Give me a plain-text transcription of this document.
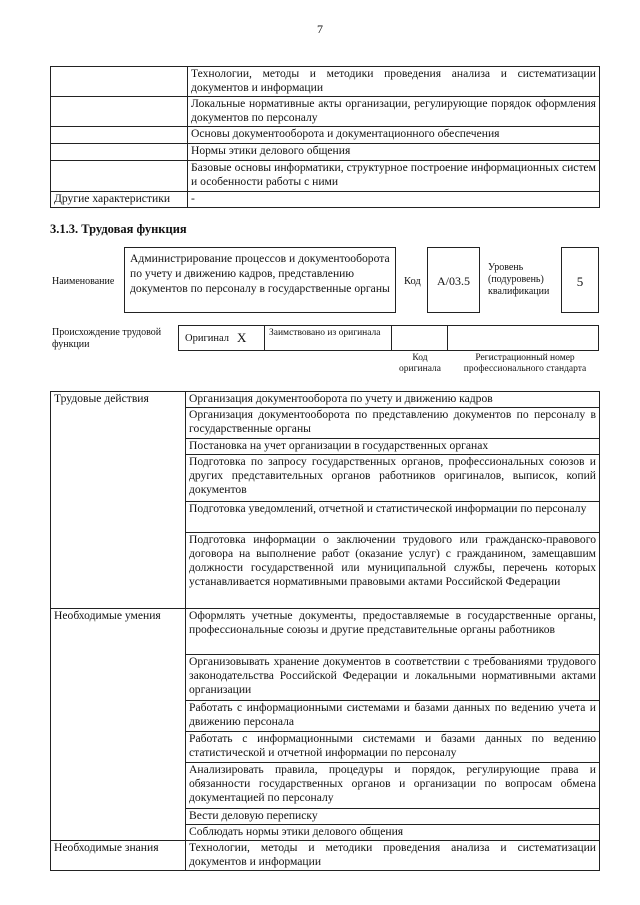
7
	Технологии, методы и методики проведения анализа и систематизации документов и информации
	Локальные нормативные акты организации, регулирующие порядок оформления документов по персоналу
	Основы документооборота и документационного обеспечения
	Нормы этики делового общения
	Базовые основы информатики, структурное построение информационных систем и особенности работы с ними
Другие характеристики	-
3.1.3. Трудовая функция
Наименование
Администрирование процессов и документооборота по учету и движению кадров, представлению документов по персоналу в государственные органы
Код	А/03.5
Уровень (подуровень) квалификации
5
Происхождение трудовой функции
Оригинал X	Заимствовано из оригинала
Код оригинала
Регистрационный номер профессионального стандарта
Трудовые действия	Организация документооборота по учету и движению кадров
	Организация документооборота по представлению документов по персоналу в государственные органы
	Постановка на учет организации в государственных органах
	Подготовка по запросу государственных органов, профессиональных союзов и других представительных органов работников оригиналов, выписок, копий документов
	Подготовка уведомлений, отчетной и статистической информации по персоналу
	Подготовка информации о заключении трудового или гражданско-правового договора на выполнение работ (оказание услуг) с гражданином, замещавшим должности государственной или муниципальной службы, перечень которых устанавливается нормативными правовыми актами Российской Федерации
Необходимые умения	Оформлять учетные документы, предоставляемые в государственные органы, профессиональные союзы и другие представительные органы работников
	Организовывать хранение документов в соответствии с требованиями трудового законодательства Российской Федерации и локальными нормативными актами организации
	Работать с информационными системами и базами данных по ведению учета и движению персонала
	Работать с информационными системами и базами данных по ведению статистической и отчетной информации по персоналу
	Анализировать правила, процедуры и порядок, регулирующие права и обязанности государственных органов и организации по вопросам обмена документацией по персоналу
	Вести деловую переписку
	Соблюдать нормы этики делового общения
Необходимые знания	Технологии, методы и методики проведения анализа и систематизации документов и информации
